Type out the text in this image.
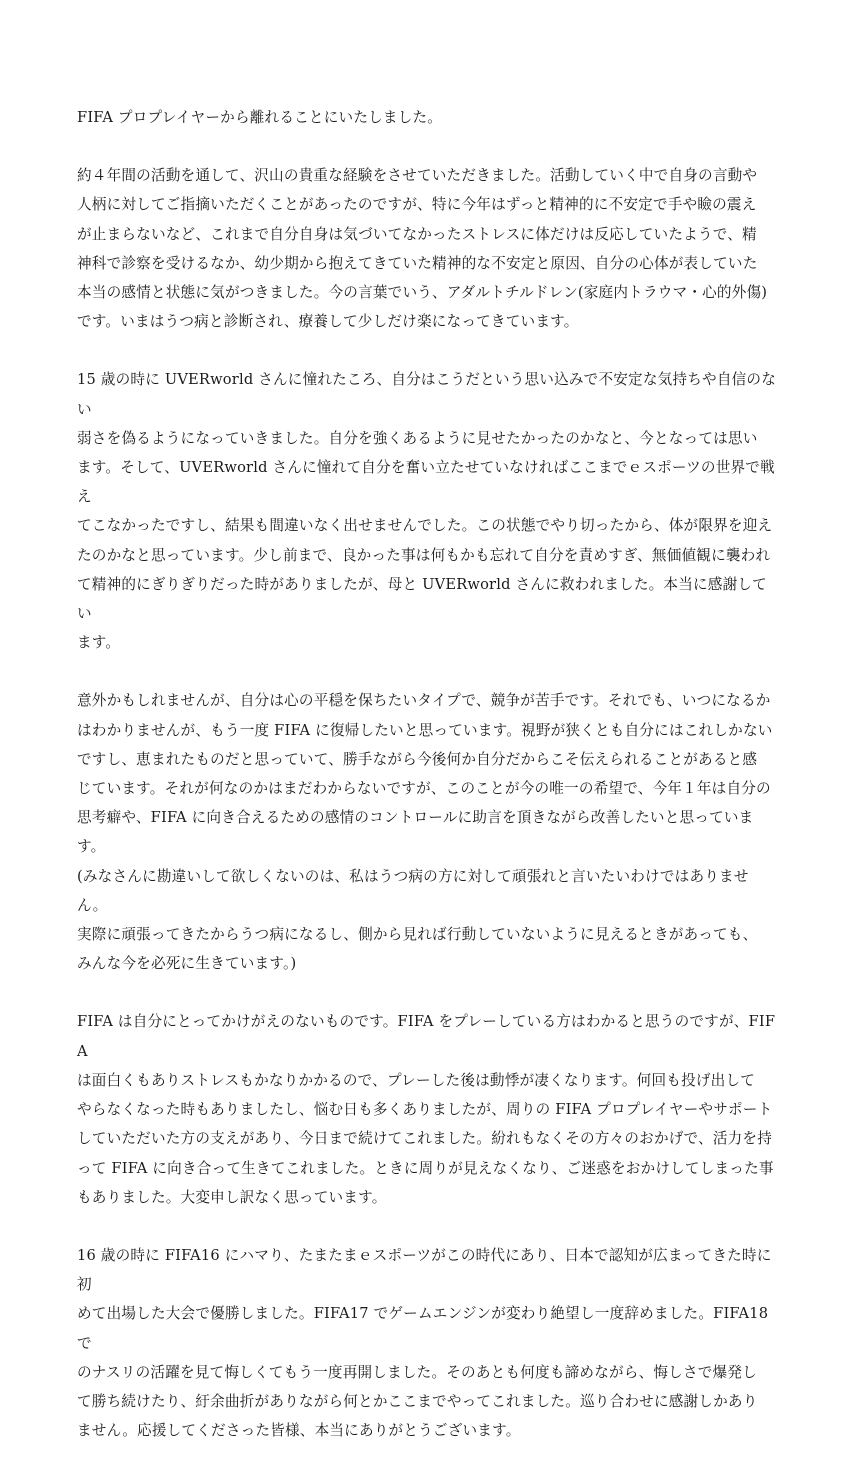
FIFA プロプレイヤーから離れることにいたしました。

約４年間の活動を通して、沢山の貴重な経験をさせていただきました。活動していく中で自身の言動や
人柄に対してご指摘いただくことがあったのですが、特に今年はずっと精神的に不安定で手や瞼の震え
が止まらないなど、これまで自分自身は気づいてなかったストレスに体だけは反応していたようで、精
神科で診察を受けるなか、幼少期から抱えてきていた精神的な不安定と原因、自分の心体が表していた
本当の感情と状態に気がつきました。今の言葉でいう、アダルトチルドレン(家庭内トラウマ・心的外傷)
です。いまはうつ病と診断され、療養して少しだけ楽になってきています。

15 歳の時に UVERworld さんに憧れたころ、自分はこうだという思い込みで不安定な気持ちや自信のない
弱さを偽るようになっていきました。自分を強くあるように見せたかったのかなと、今となっては思い
ます。そして、UVERworld さんに憧れて自分を奮い立たせていなければここまでｅスポーツの世界で戦え
てこなかったですし、結果も間違いなく出せませんでした。この状態でやり切ったから、体が限界を迎え
たのかなと思っています。少し前まで、良かった事は何もかも忘れて自分を責めすぎ、無価値観に襲われ
て精神的にぎりぎりだった時がありましたが、母と UVERworld さんに救われました。本当に感謝してい
ます。

意外かもしれませんが、自分は心の平穏を保ちたいタイプで、競争が苦手です。それでも、いつになるか
はわかりませんが、もう一度 FIFA に復帰したいと思っています。視野が狭くとも自分にはこれしかない
ですし、恵まれたものだと思っていて、勝手ながら今後何か自分だからこそ伝えられることがあると感
じています。それが何なのかはまだわからないですが、このことが今の唯一の希望で、今年１年は自分の
思考癖や、FIFA に向き合えるための感情のコントロールに助言を頂きながら改善したいと思っています。
(みなさんに勘違いして欲しくないのは、私はうつ病の方に対して頑張れと言いたいわけではありません。
実際に頑張ってきたからうつ病になるし、側から見れば行動していないように見えるときがあっても、
みんな今を必死に生きています。)

FIFA は自分にとってかけがえのないものです。FIFA をプレーしている方はわかると思うのですが、FIFA
は面白くもありストレスもかなりかかるので、プレーした後は動悸が凄くなります。何回も投げ出して
やらなくなった時もありましたし、悩む日も多くありましたが、周りの FIFA プロプレイヤーやサポート
していただいた方の支えがあり、今日まで続けてこれました。紛れもなくその方々のおかげで、活力を持
って FIFA に向き合って生きてこれました。ときに周りが見えなくなり、ご迷惑をおかけしてしまった事
もありました。大変申し訳なく思っています。

16 歳の時に FIFA16 にハマり、たまたまｅスポーツがこの時代にあり、日本で認知が広まってきた時に初
めて出場した大会で優勝しました。FIFA17 でゲームエンジンが変わり絶望し一度辞めました。FIFA18 で
のナスリの活躍を見て悔しくてもう一度再開しました。そのあとも何度も諦めながら、悔しさで爆発し
て勝ち続けたり、紆余曲折がありながら何とかここまでやってこれました。巡り合わせに感謝しかあり
ません。応援してくださった皆様、本当にありがとうございます。
